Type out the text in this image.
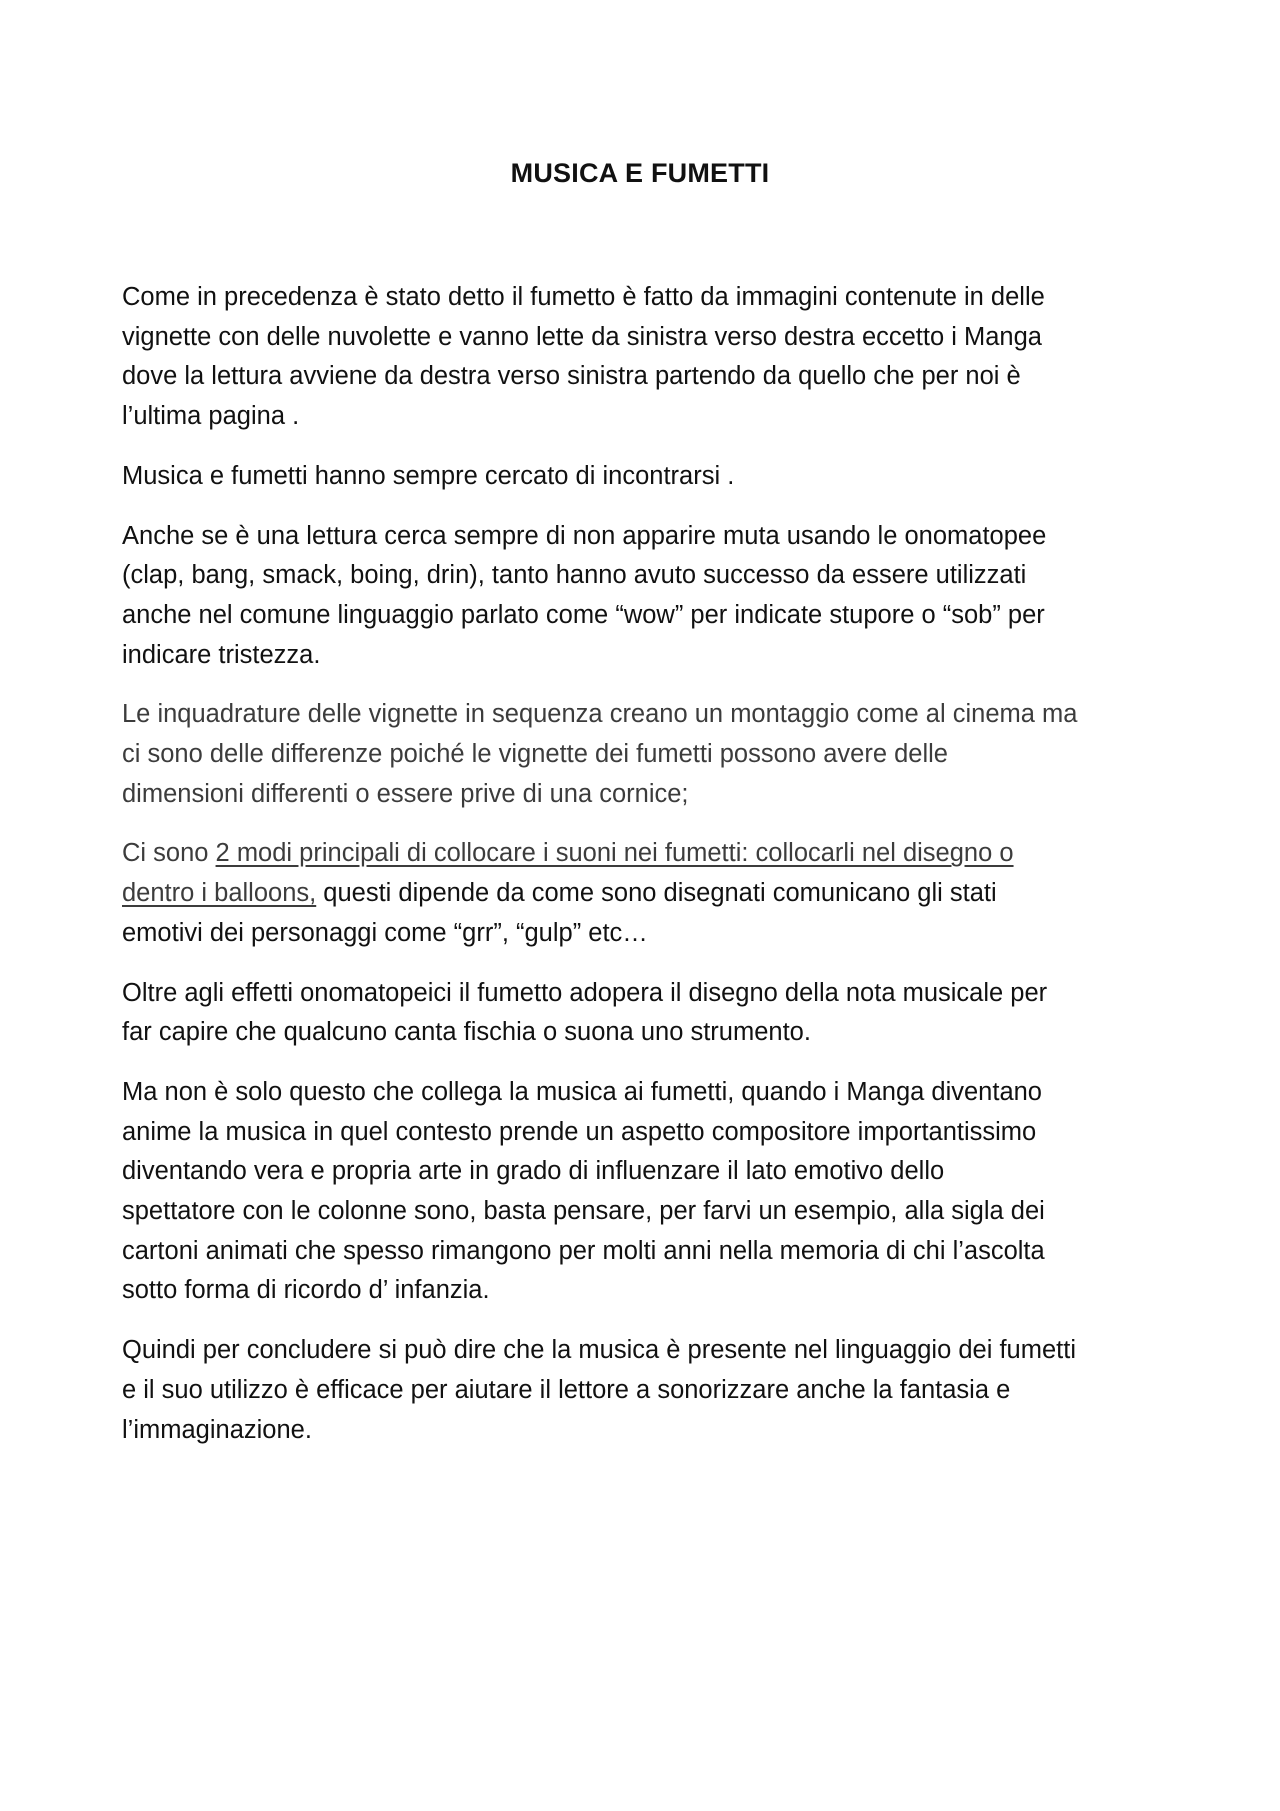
MUSICA E FUMETTI

Come in precedenza è stato detto il fumetto è fatto da immagini contenute in delle
vignette con delle nuvolette e vanno lette da sinistra verso destra eccetto i Manga
dove la lettura avviene da destra verso sinistra partendo da quello che per noi è
l’ultima pagina .

Musica e fumetti hanno sempre cercato di incontrarsi .

Anche se è una lettura cerca sempre di non apparire muta usando le onomatopee
(clap, bang, smack, boing, drin), tanto hanno avuto successo da essere utilizzati
anche nel comune linguaggio parlato come “wow” per indicate stupore o “sob” per
indicare tristezza.

Le inquadrature delle vignette in sequenza creano un montaggio come al cinema ma
ci sono delle differenze poiché le vignette dei fumetti possono avere delle
dimensioni differenti o essere prive di una cornice;

Ci sono 2 modi principali di collocare i suoni nei fumetti: collocarli nel disegno o
dentro i balloons, questi dipende da come sono disegnati comunicano gli stati
emotivi dei personaggi come “grr”, “gulp” etc…

Oltre agli effetti onomatopeici il fumetto adopera il disegno della nota musicale per
far capire che qualcuno canta fischia o suona uno strumento.

Ma non è solo questo che collega la musica ai fumetti, quando i Manga diventano
anime la musica in quel contesto prende un aspetto compositore importantissimo
diventando vera e propria arte in grado di influenzare il lato emotivo dello
spettatore con le colonne sono, basta pensare, per farvi un esempio, alla sigla dei
cartoni animati che spesso rimangono per molti anni nella memoria di chi l’ascolta
sotto forma di ricordo d’ infanzia.

Quindi per concludere si può dire che la musica è presente nel linguaggio dei fumetti
e il suo utilizzo è efficace per aiutare il lettore a sonorizzare anche la fantasia e
l’immaginazione.
